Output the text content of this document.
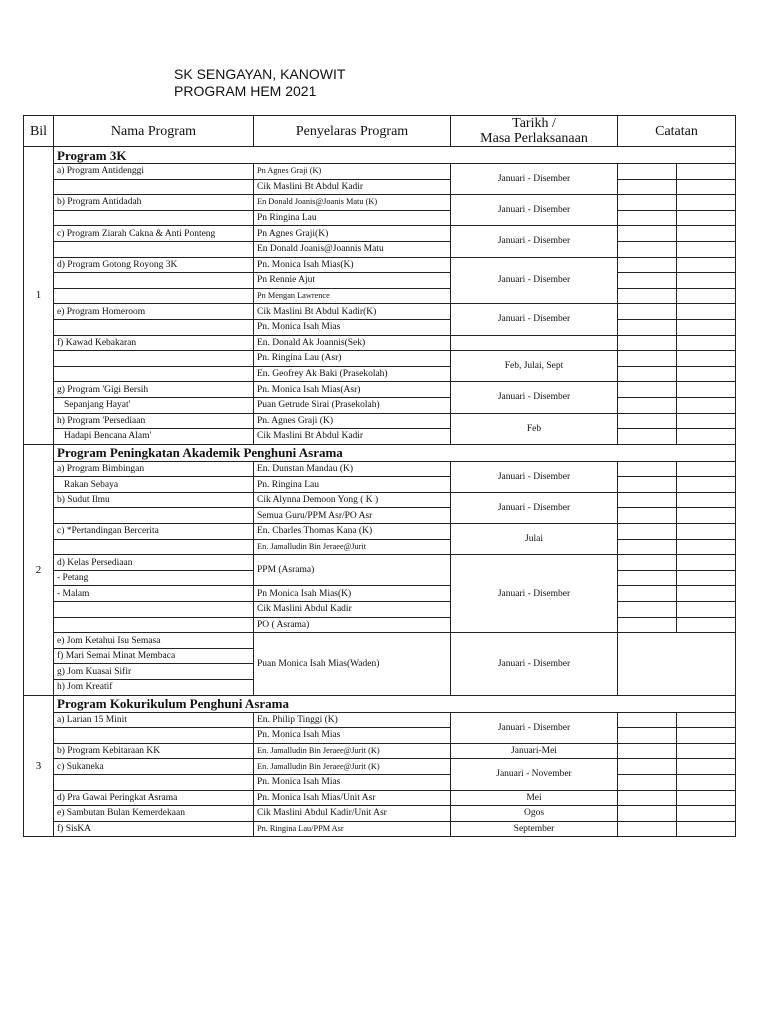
SK SENGAYAN, KANOWIT
PROGRAM HEM 2021
Bil	Nama Program	Penyelaras Program	Tarikh /
Masa Perlaksanaan	Catatan	
1	Program 3K				
	a) Program Antidenggi	Pn Agnes Graji (K)	Januari - Disember		
		Cik Maslini Bt Abdul Kadir			
	b) Program Antidadah	En Donald Joanis@Joanis Matu (K)	Januari - Disember		
		Pn Ringina Lau			
	c) Program Ziarah Cakna & Anti Ponteng	Pn Agnes Graji(K)	Januari - Disember		
		En Donald Joanis@Joannis Matu			
	d) Program Gotong Royong 3K	Pn. Monica Isah Mias(K)	Januari - Disember		
		Pn Rennie Ajut			
		Pn Mengan Lawrence			
	e) Program Homeroom	Cik Maslini Bt Abdul Kadir(K)	Januari - Disember		
		Pn. Monica Isah Mias			
	f) Kawad Kebakaran	En. Donald Ak Joannis(Sek)			
		Pn. Ringina Lau (Asr)	Feb, Julai, Sept		
		En. Geofrey Ak Baki (Prasekolah)			
	g) Program 'Gigi Bersih	Pn. Monica Isah Mias(Asr)	Januari - Disember		
	Sepanjang Hayat'	Puan Getrude Sirai (Prasekolah)			
	h) Program 'Persediaan	Pn. Agnes Graji (K)	Feb		
	Hadapi Bencana Alam'	Cik Maslini Bt Abdul Kadir			
2	Program Peningkatan Akademik Penghuni Asrama				
	a) Program Bimbingan	En. Dunstan Mandau (K)	Januari - Disember		
	Rakan Sebaya	Pn. Ringina Lau			
	b) Sudut Ilmu	Cik Alynna Demoon Yong ( K )	Januari - Disember		
		Semua Guru/PPM Asr/PO Asr			
	c) *Pertandingan Bercerita	En. Charles Thomas Kana (K)	Julai		
		En. Jamalludin Bin Jeraee@Jurit			
	d) Kelas Persediaan	PPM (Asrama)	Januari - Disember		
	- Petang				
	- Malam	Pn Monica Isah Mias(K)			
		Cik Maslini Abdul Kadir			
		PO ( Asrama)			
	e) Jom Ketahui Isu Semasa	Puan Monica Isah Mias(Waden)	Januari - Disember		
	f) Mari Semai Minat Membaca				
	g) Jom Kuasai Sifir				
	h) Jom Kreatif				
3	Program Kokurikulum Penghuni Asrama				
	a) Larian 15 Minit	En. Philip Tinggi (K)	Januari - Disember		
		Pn. Monica Isah Mias			
	b) Program Kebitaraan KK	En. Jamalludin Bin Jeraee@Jurit (K)	Januari-Mei		
	c) Sukaneka	En. Jamalludin Bin Jeraee@Jurit (K)	Januari - November		
		Pn. Monica Isah Mias			
	d) Pra Gawai Peringkat Asrama	Pn. Monica Isah Mias/Unit Asr	Mei		
	e) Sambutan Bulan Kemerdekaan	Cik Maslini Abdul Kadir/Unit Asr	Ogos		
	f) SisKA	Pn. Ringina Lau/PPM Asr	September		
